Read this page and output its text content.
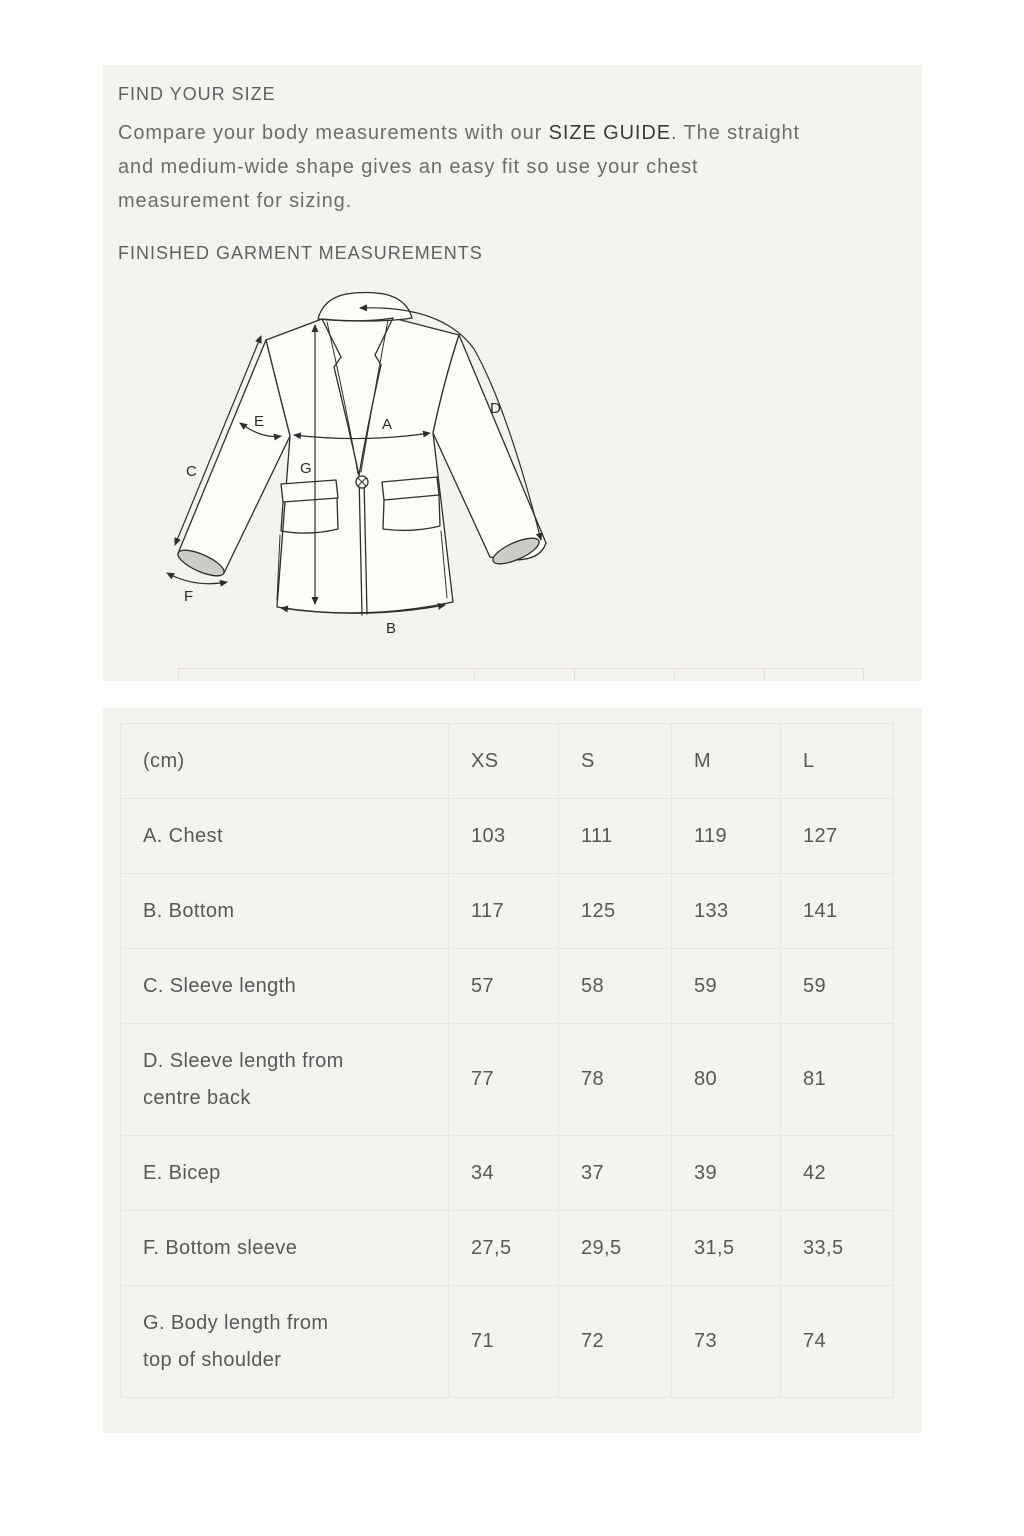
FIND YOUR SIZE
Compare your body measurements with our SIZE GUIDE. The straight
and medium-wide shape gives an easy fit so use your chest
measurement for sizing.
FINISHED GARMENT MEASUREMENTS
A
B
C
D
E
F
G
(cm)	XS	S	M	L
A. Chest	103	111	119	127
B. Bottom	117	125	133	141
C. Sleeve length	57	58	59	59
D. Sleeve length from centre back	77	78	80	81
E. Bicep	34	37	39	42
F. Bottom sleeve	27,5	29,5	31,5	33,5
G. Body length from top of shoulder	71	72	73	74
